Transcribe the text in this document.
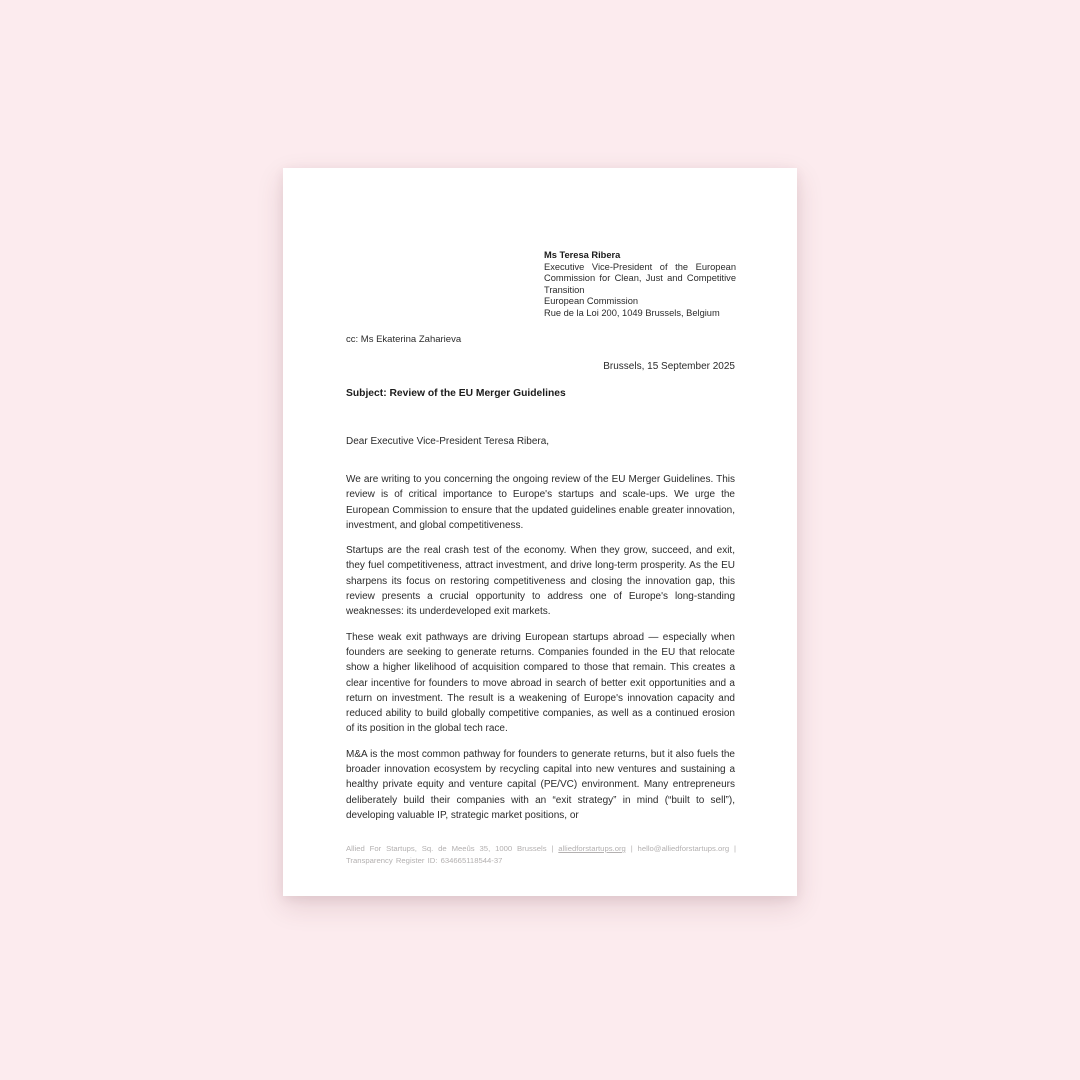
Ms Teresa Ribera
Executive Vice-President of the European Commission for Clean, Just and Competitive Transition
European Commission
Rue de la Loi 200, 1049 Brussels, Belgium
cc: Ms Ekaterina Zaharieva
Brussels, 15 September 2025
Subject: Review of the EU Merger Guidelines
Dear Executive Vice-President Teresa Ribera,

We are writing to you concerning the ongoing review of the EU Merger Guidelines. This review is of critical importance to Europe's startups and scale-ups. We urge the European Commission to ensure that the updated guidelines enable greater innovation, investment, and global competitiveness.

Startups are the real crash test of the economy. When they grow, succeed, and exit, they fuel competitiveness, attract investment, and drive long-term prosperity. As the EU sharpens its focus on restoring competitiveness and closing the innovation gap, this review presents a crucial opportunity to address one of Europe's long-standing weaknesses: its underdeveloped exit markets.

These weak exit pathways are driving European startups abroad — especially when founders are seeking to generate returns. Companies founded in the EU that relocate show a higher likelihood of acquisition compared to those that remain. This creates a clear incentive for founders to move abroad in search of better exit opportunities and a return on investment. The result is a weakening of Europe's innovation capacity and reduced ability to build globally competitive companies, as well as a continued erosion of its position in the global tech race.

M&A is the most common pathway for founders to generate returns, but it also fuels the broader innovation ecosystem by recycling capital into new ventures and sustaining a healthy private equity and venture capital (PE/VC) environment. Many entrepreneurs deliberately build their companies with an “exit strategy” in mind (“built to sell”), developing valuable IP, strategic market positions, or

Allied For Startups, Sq. de Meeûs 35, 1000 Brussels | alliedforstartups.org | hello@alliedforstartups.org | Transparency Register ID: 634665118544-37
